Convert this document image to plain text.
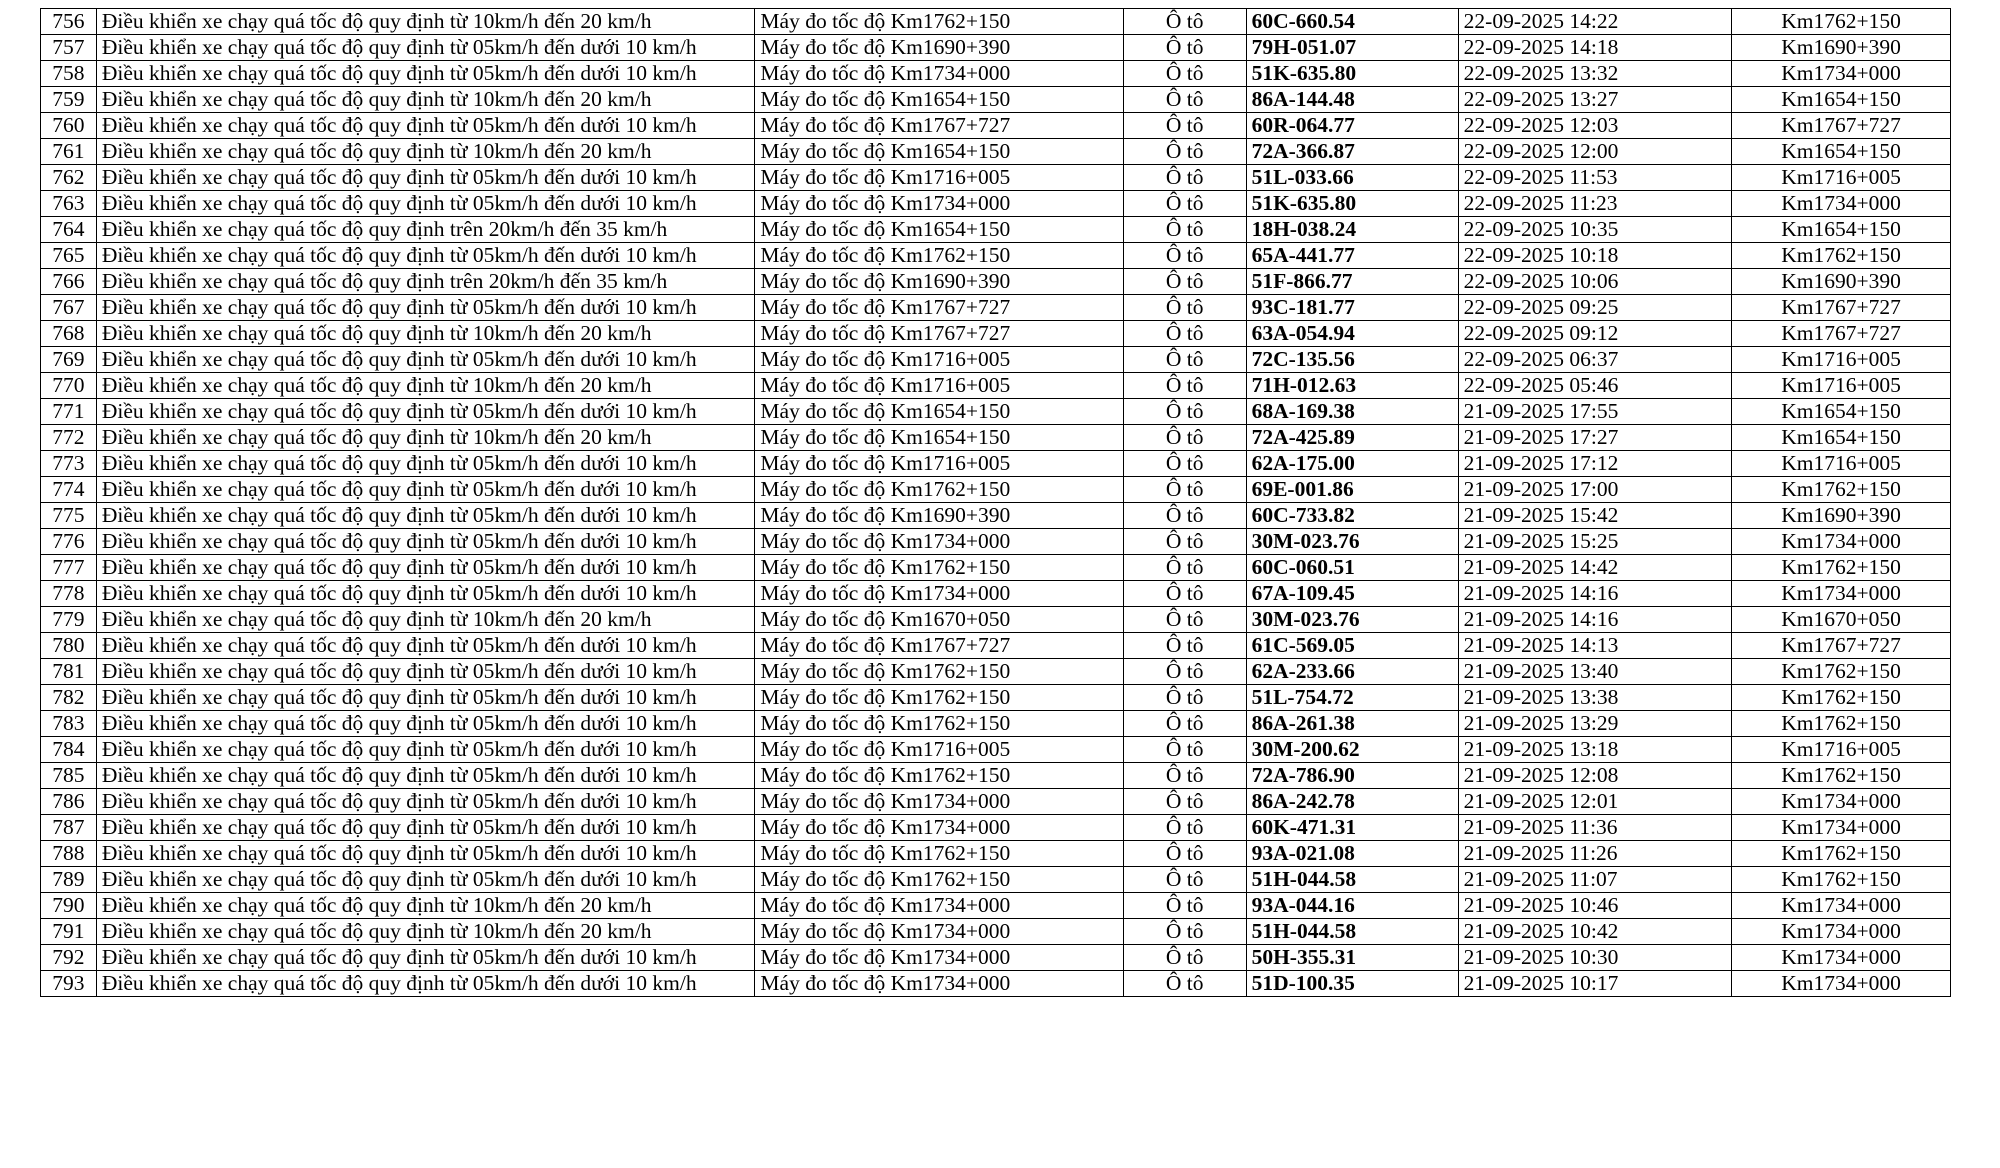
756	Điều khiển xe chạy quá tốc độ quy định từ 10km/h đến 20 km/h	Máy đo tốc độ Km1762+150	Ô tô	60C-660.54	22-09-2025 14:22	Km1762+150
757	Điều khiển xe chạy quá tốc độ quy định từ 05km/h đến dưới 10 km/h	Máy đo tốc độ Km1690+390	Ô tô	79H-051.07	22-09-2025 14:18	Km1690+390
758	Điều khiển xe chạy quá tốc độ quy định từ 05km/h đến dưới 10 km/h	Máy đo tốc độ Km1734+000	Ô tô	51K-635.80	22-09-2025 13:32	Km1734+000
759	Điều khiển xe chạy quá tốc độ quy định từ 10km/h đến 20 km/h	Máy đo tốc độ Km1654+150	Ô tô	86A-144.48	22-09-2025 13:27	Km1654+150
760	Điều khiển xe chạy quá tốc độ quy định từ 05km/h đến dưới 10 km/h	Máy đo tốc độ Km1767+727	Ô tô	60R-064.77	22-09-2025 12:03	Km1767+727
761	Điều khiển xe chạy quá tốc độ quy định từ 10km/h đến 20 km/h	Máy đo tốc độ Km1654+150	Ô tô	72A-366.87	22-09-2025 12:00	Km1654+150
762	Điều khiển xe chạy quá tốc độ quy định từ 05km/h đến dưới 10 km/h	Máy đo tốc độ Km1716+005	Ô tô	51L-033.66	22-09-2025 11:53	Km1716+005
763	Điều khiển xe chạy quá tốc độ quy định từ 05km/h đến dưới 10 km/h	Máy đo tốc độ Km1734+000	Ô tô	51K-635.80	22-09-2025 11:23	Km1734+000
764	Điều khiển xe chạy quá tốc độ quy định trên 20km/h đến 35 km/h	Máy đo tốc độ Km1654+150	Ô tô	18H-038.24	22-09-2025 10:35	Km1654+150
765	Điều khiển xe chạy quá tốc độ quy định từ 05km/h đến dưới 10 km/h	Máy đo tốc độ Km1762+150	Ô tô	65A-441.77	22-09-2025 10:18	Km1762+150
766	Điều khiển xe chạy quá tốc độ quy định trên 20km/h đến 35 km/h	Máy đo tốc độ Km1690+390	Ô tô	51F-866.77	22-09-2025 10:06	Km1690+390
767	Điều khiển xe chạy quá tốc độ quy định từ 05km/h đến dưới 10 km/h	Máy đo tốc độ Km1767+727	Ô tô	93C-181.77	22-09-2025 09:25	Km1767+727
768	Điều khiển xe chạy quá tốc độ quy định từ 10km/h đến 20 km/h	Máy đo tốc độ Km1767+727	Ô tô	63A-054.94	22-09-2025 09:12	Km1767+727
769	Điều khiển xe chạy quá tốc độ quy định từ 05km/h đến dưới 10 km/h	Máy đo tốc độ Km1716+005	Ô tô	72C-135.56	22-09-2025 06:37	Km1716+005
770	Điều khiển xe chạy quá tốc độ quy định từ 10km/h đến 20 km/h	Máy đo tốc độ Km1716+005	Ô tô	71H-012.63	22-09-2025 05:46	Km1716+005
771	Điều khiển xe chạy quá tốc độ quy định từ 05km/h đến dưới 10 km/h	Máy đo tốc độ Km1654+150	Ô tô	68A-169.38	21-09-2025 17:55	Km1654+150
772	Điều khiển xe chạy quá tốc độ quy định từ 10km/h đến 20 km/h	Máy đo tốc độ Km1654+150	Ô tô	72A-425.89	21-09-2025 17:27	Km1654+150
773	Điều khiển xe chạy quá tốc độ quy định từ 05km/h đến dưới 10 km/h	Máy đo tốc độ Km1716+005	Ô tô	62A-175.00	21-09-2025 17:12	Km1716+005
774	Điều khiển xe chạy quá tốc độ quy định từ 05km/h đến dưới 10 km/h	Máy đo tốc độ Km1762+150	Ô tô	69E-001.86	21-09-2025 17:00	Km1762+150
775	Điều khiển xe chạy quá tốc độ quy định từ 05km/h đến dưới 10 km/h	Máy đo tốc độ Km1690+390	Ô tô	60C-733.82	21-09-2025 15:42	Km1690+390
776	Điều khiển xe chạy quá tốc độ quy định từ 05km/h đến dưới 10 km/h	Máy đo tốc độ Km1734+000	Ô tô	30M-023.76	21-09-2025 15:25	Km1734+000
777	Điều khiển xe chạy quá tốc độ quy định từ 05km/h đến dưới 10 km/h	Máy đo tốc độ Km1762+150	Ô tô	60C-060.51	21-09-2025 14:42	Km1762+150
778	Điều khiển xe chạy quá tốc độ quy định từ 05km/h đến dưới 10 km/h	Máy đo tốc độ Km1734+000	Ô tô	67A-109.45	21-09-2025 14:16	Km1734+000
779	Điều khiển xe chạy quá tốc độ quy định từ 10km/h đến 20 km/h	Máy đo tốc độ Km1670+050	Ô tô	30M-023.76	21-09-2025 14:16	Km1670+050
780	Điều khiển xe chạy quá tốc độ quy định từ 05km/h đến dưới 10 km/h	Máy đo tốc độ Km1767+727	Ô tô	61C-569.05	21-09-2025 14:13	Km1767+727
781	Điều khiển xe chạy quá tốc độ quy định từ 05km/h đến dưới 10 km/h	Máy đo tốc độ Km1762+150	Ô tô	62A-233.66	21-09-2025 13:40	Km1762+150
782	Điều khiển xe chạy quá tốc độ quy định từ 05km/h đến dưới 10 km/h	Máy đo tốc độ Km1762+150	Ô tô	51L-754.72	21-09-2025 13:38	Km1762+150
783	Điều khiển xe chạy quá tốc độ quy định từ 05km/h đến dưới 10 km/h	Máy đo tốc độ Km1762+150	Ô tô	86A-261.38	21-09-2025 13:29	Km1762+150
784	Điều khiển xe chạy quá tốc độ quy định từ 05km/h đến dưới 10 km/h	Máy đo tốc độ Km1716+005	Ô tô	30M-200.62	21-09-2025 13:18	Km1716+005
785	Điều khiển xe chạy quá tốc độ quy định từ 05km/h đến dưới 10 km/h	Máy đo tốc độ Km1762+150	Ô tô	72A-786.90	21-09-2025 12:08	Km1762+150
786	Điều khiển xe chạy quá tốc độ quy định từ 05km/h đến dưới 10 km/h	Máy đo tốc độ Km1734+000	Ô tô	86A-242.78	21-09-2025 12:01	Km1734+000
787	Điều khiển xe chạy quá tốc độ quy định từ 05km/h đến dưới 10 km/h	Máy đo tốc độ Km1734+000	Ô tô	60K-471.31	21-09-2025 11:36	Km1734+000
788	Điều khiển xe chạy quá tốc độ quy định từ 05km/h đến dưới 10 km/h	Máy đo tốc độ Km1762+150	Ô tô	93A-021.08	21-09-2025 11:26	Km1762+150
789	Điều khiển xe chạy quá tốc độ quy định từ 05km/h đến dưới 10 km/h	Máy đo tốc độ Km1762+150	Ô tô	51H-044.58	21-09-2025 11:07	Km1762+150
790	Điều khiển xe chạy quá tốc độ quy định từ 10km/h đến 20 km/h	Máy đo tốc độ Km1734+000	Ô tô	93A-044.16	21-09-2025 10:46	Km1734+000
791	Điều khiển xe chạy quá tốc độ quy định từ 10km/h đến 20 km/h	Máy đo tốc độ Km1734+000	Ô tô	51H-044.58	21-09-2025 10:42	Km1734+000
792	Điều khiển xe chạy quá tốc độ quy định từ 05km/h đến dưới 10 km/h	Máy đo tốc độ Km1734+000	Ô tô	50H-355.31	21-09-2025 10:30	Km1734+000
793	Điều khiển xe chạy quá tốc độ quy định từ 05km/h đến dưới 10 km/h	Máy đo tốc độ Km1734+000	Ô tô	51D-100.35	21-09-2025 10:17	Km1734+000
